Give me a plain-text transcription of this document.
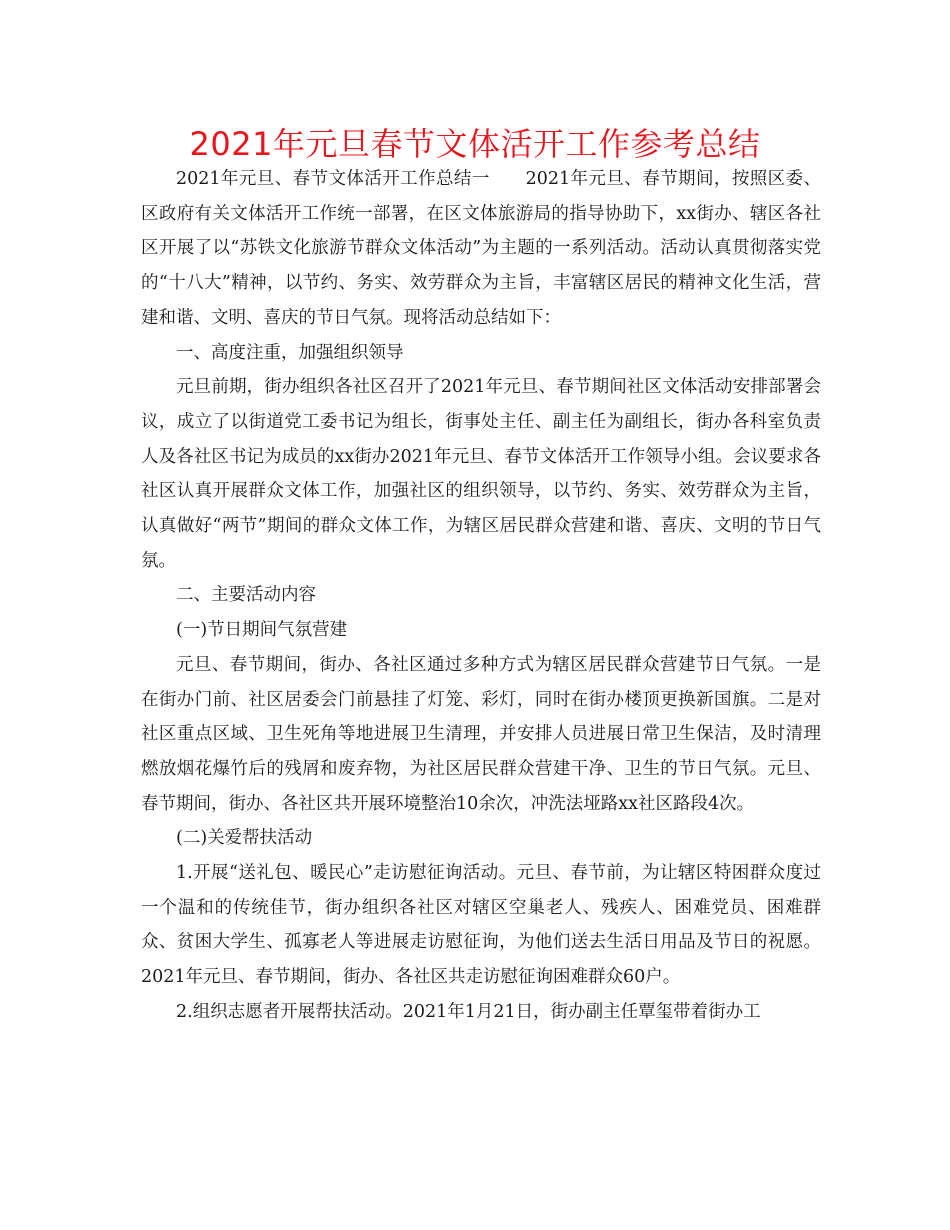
2021年元旦春节文体活开工作参考总结

2021年元旦、春节文体活开工作总结一　　2021年元旦、春节期间，按照区委、区政府有关文体活开工作统一部署，在区文体旅游局的指导协助下，xx街办、辖区各社区开展了以“苏铁文化旅游节群众文体活动”为主题的一系列活动。活动认真贯彻落实党的“十八大”精神，以节约、务实、效劳群众为主旨，丰富辖区居民的精神文化生活，营建和谐、文明、喜庆的节日气氛。现将活动总结如下：

一、高度注重，加强组织领导

元旦前期，街办组织各社区召开了2021年元旦、春节期间社区文体活动安排部署会议，成立了以街道党工委书记为组长，街事处主任、副主任为副组长，街办各科室负责人及各社区书记为成员的xx街办2021年元旦、春节文体活开工作领导小组。会议要求各社区认真开展群众文体工作，加强社区的组织领导，以节约、务实、效劳群众为主旨，认真做好“两节”期间的群众文体工作，为辖区居民群众营建和谐、喜庆、文明的节日气氛。

二、主要活动内容

(一)节日期间气氛营建

元旦、春节期间，街办、各社区通过多种方式为辖区居民群众营建节日气氛。一是在街办门前、社区居委会门前悬挂了灯笼、彩灯，同时在街办楼顶更换新国旗。二是对社区重点区域、卫生死角等地进展卫生清理，并安排人员进展日常卫生保洁，及时清理燃放烟花爆竹后的残屑和废弃物，为社区居民群众营建干净、卫生的节日气氛。元旦、春节期间，街办、各社区共开展环境整治10余次，冲洗法垭路xx社区路段4次。

(二)关爱帮扶活动

1.开展“送礼包、暖民心”走访慰征询活动。元旦、春节前，为让辖区特困群众度过一个温和的传统佳节，街办组织各社区对辖区空巢老人、残疾人、困难党员、困难群众、贫困大学生、孤寡老人等进展走访慰征询，为他们送去生活日用品及节日的祝愿。2021年元旦、春节期间，街办、各社区共走访慰征询困难群众60户。

2.组织志愿者开展帮扶活动。2021年1月21日，街办副主任覃玺带着街办工
